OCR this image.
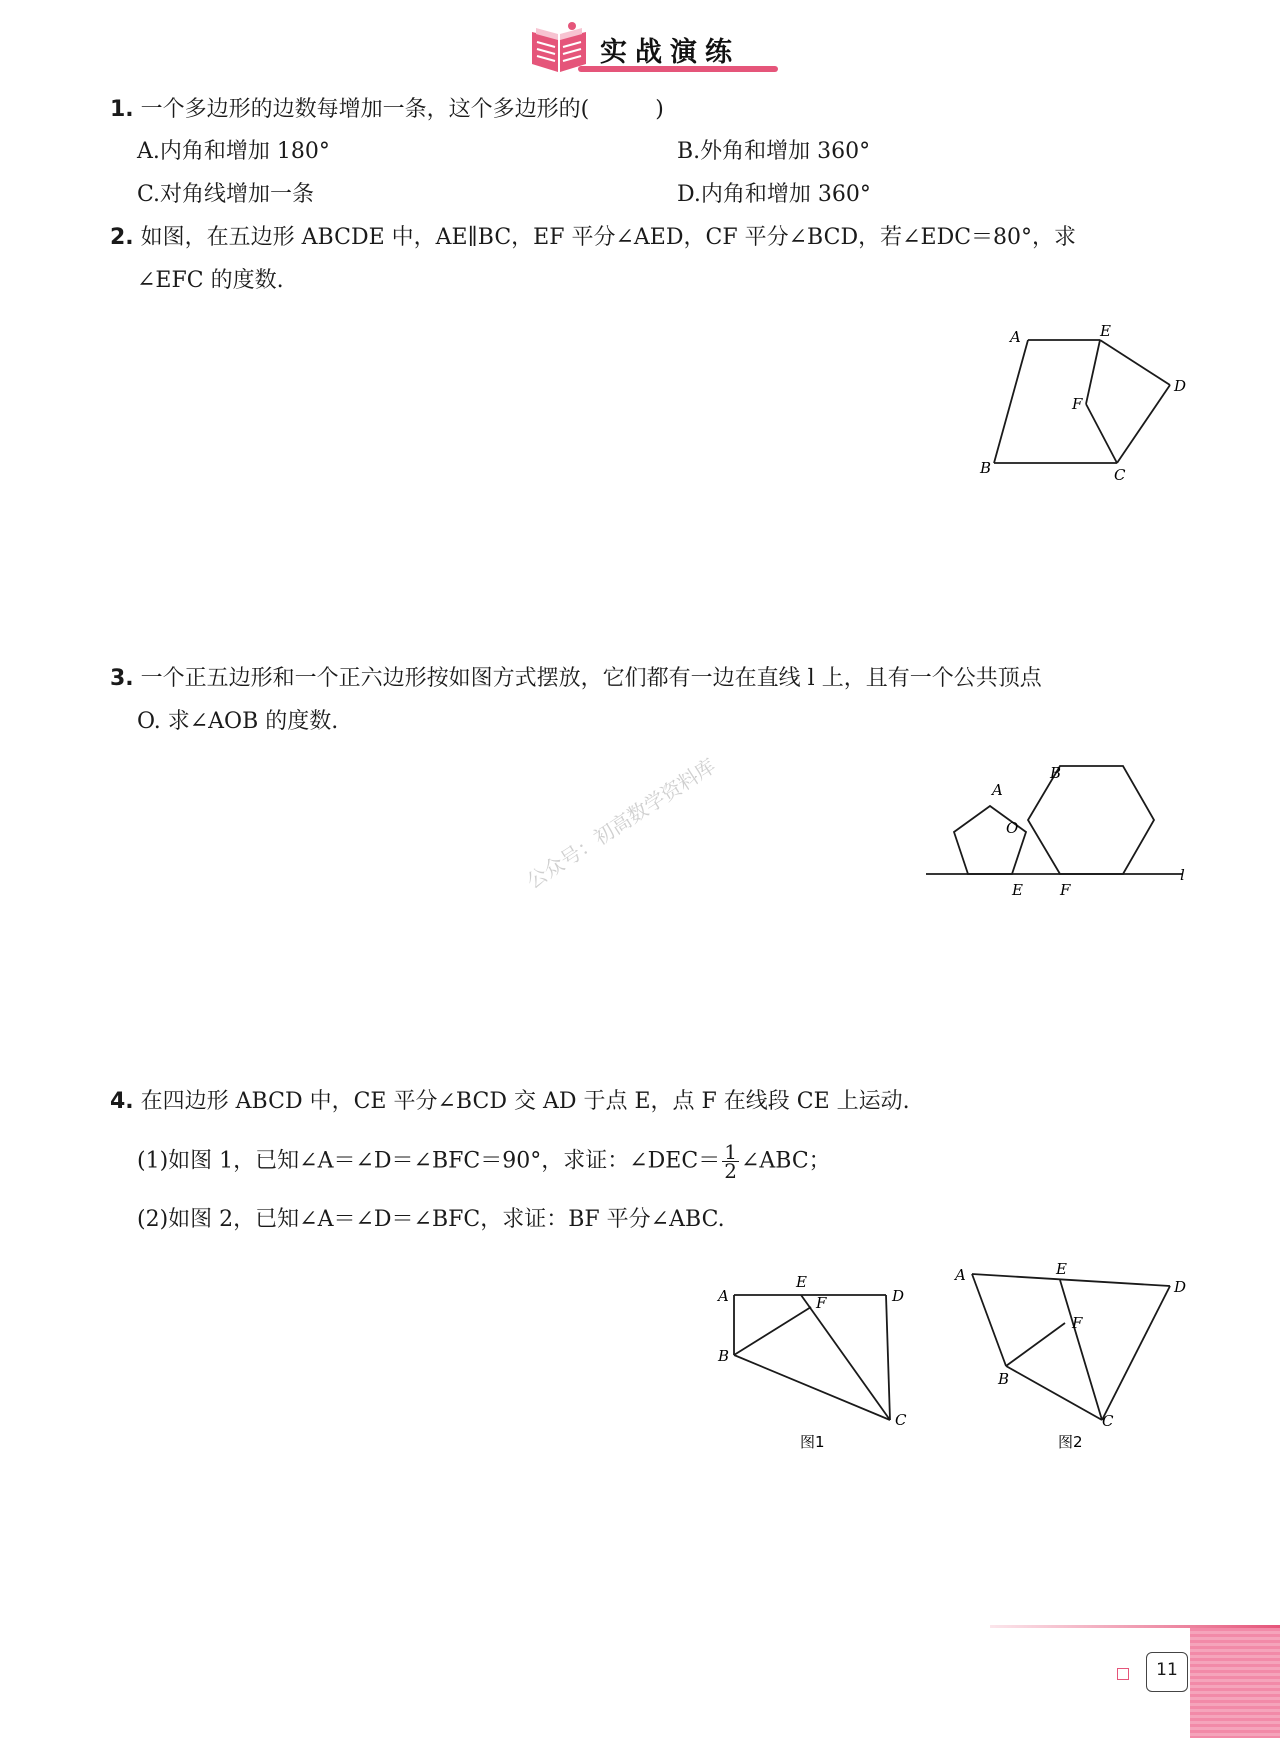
实战演练
公众号：初高数学资料库
1. 一个多边形的边数每增加一条，这个多边形的(　　　)
A.内角和增加 180°	B.外角和增加 360°
C.对角线增加一条	D.内角和增加 360°
2. 如图，在五边形 ABCDE 中，AE∥BC，EF 平分∠AED，CF 平分∠BCD，若∠EDC＝80°，求
∠EFC 的度数.
A
B	C
D
E
F
3. 一个正五边形和一个正六边形按如图方式摆放，它们都有一边在直线 l 上，且有一个公共顶点
O. 求∠AOB 的度数.
A
B
O
E F
l
4. 在四边形 ABCD 中，CE 平分∠BCD 交 AD 于点 E，点 F 在线段 CE 上运动.
(1)如图 1，已知∠A＝∠D＝∠BFC＝90°，求证：∠DEC＝ $\frac{1}{2}$ ∠ABC；
(2)如图 2，已知∠A＝∠D＝∠BFC，求证：BF 平分∠ABC.
A
B
C
D
E
F
图1
A
B
C
D
E
F
图2
11
